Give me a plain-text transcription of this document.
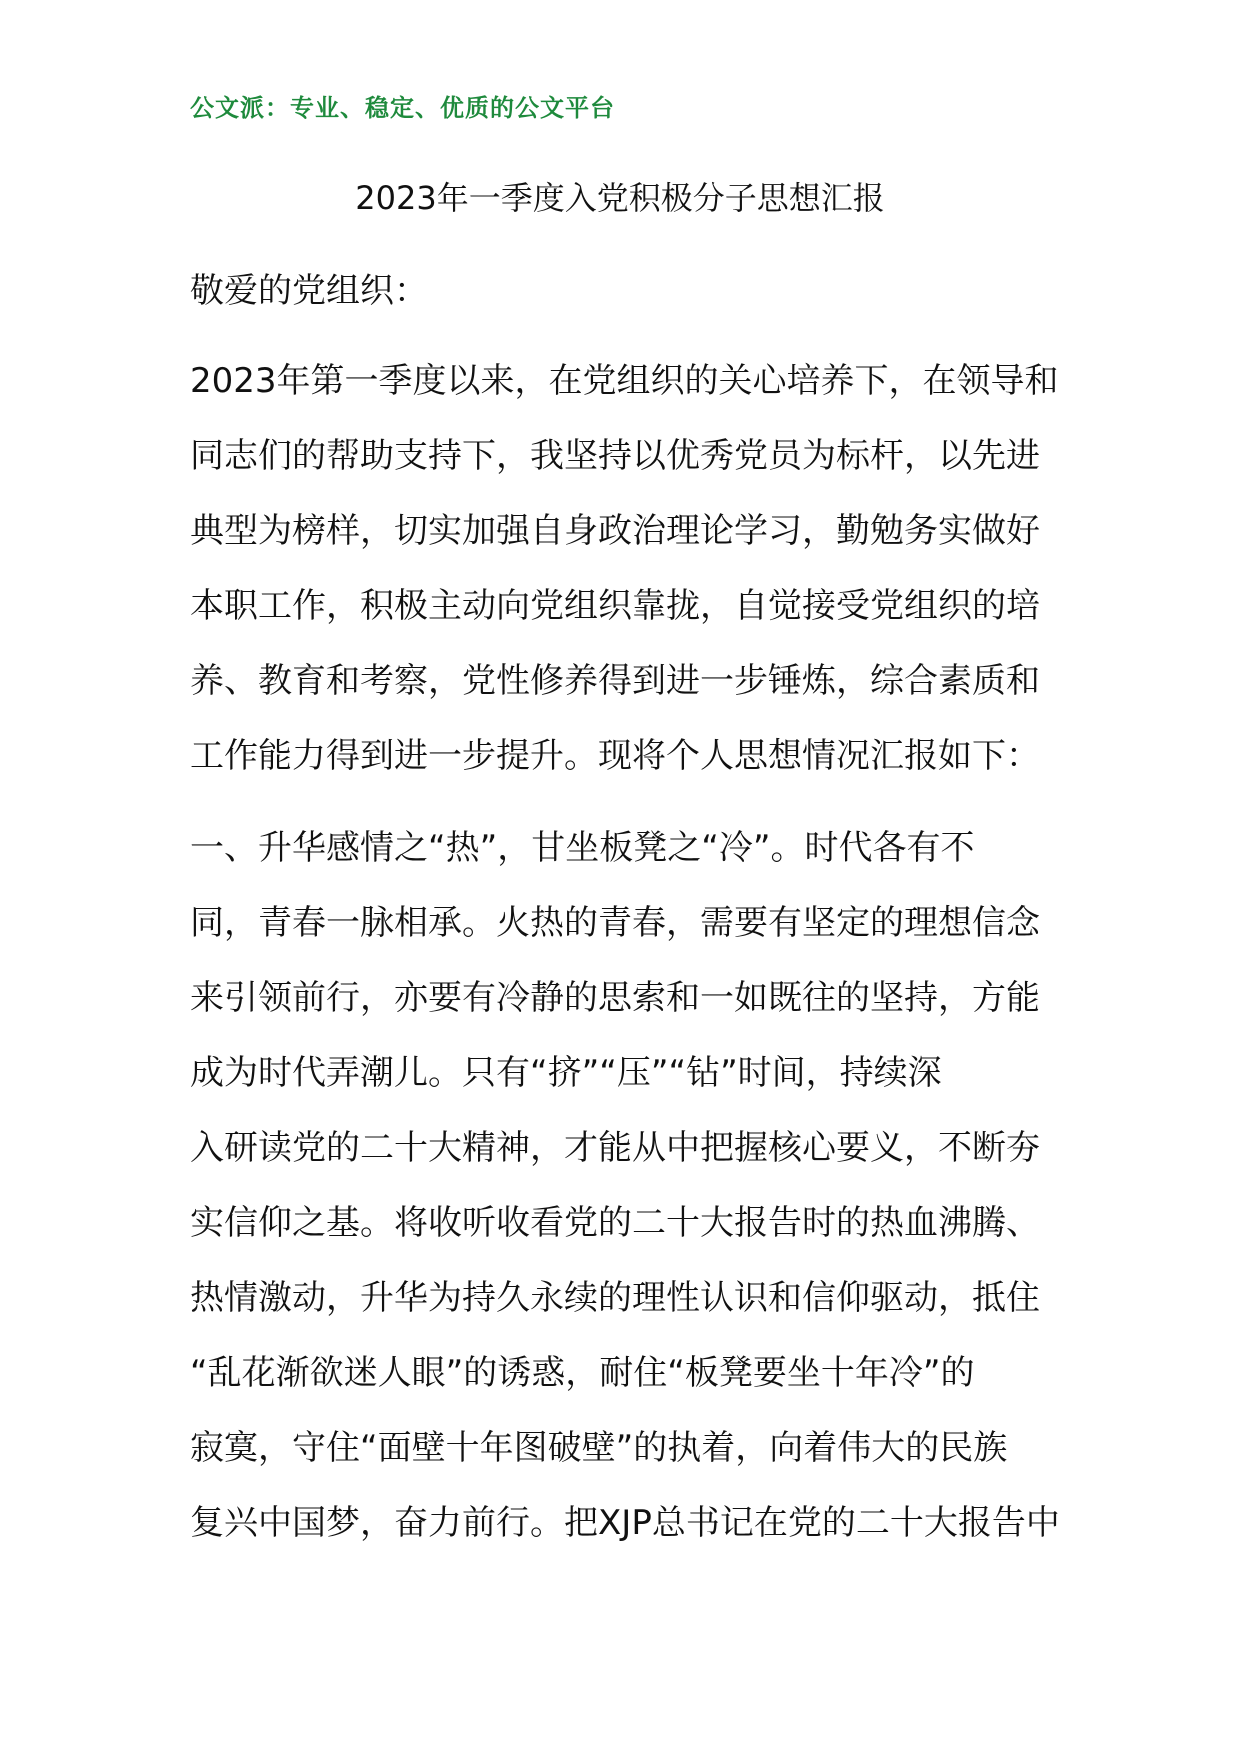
公文派：专业、稳定、优质的公文平台
2023年一季度入党积极分子思想汇报
敬爱的党组织：
2023年第一季度以来，在党组织的关心培养下，在领导和
同志们的帮助支持下，我坚持以优秀党员为标杆，以先进
典型为榜样，切实加强自身政治理论学习，勤勉务实做好
本职工作，积极主动向党组织靠拢，自觉接受党组织的培
养、教育和考察，党性修养得到进一步锤炼，综合素质和
工作能力得到进一步提升。现将个人思想情况汇报如下：
一、升华感情之“热”，甘坐板凳之“冷”。时代各有不
同，青春一脉相承。火热的青春，需要有坚定的理想信念
来引领前行，亦要有冷静的思索和一如既往的坚持，方能
成为时代弄潮儿。只有“挤”“压”“钻”时间，持续深
入研读党的二十大精神，才能从中把握核心要义，不断夯
实信仰之基。将收听收看党的二十大报告时的热血沸腾、
热情激动，升华为持久永续的理性认识和信仰驱动，抵住
“乱花渐欲迷人眼”的诱惑，耐住“板凳要坐十年冷”的
寂寞，守住“面壁十年图破壁”的执着，向着伟大的民族
复兴中国梦，奋力前行。把XJP总书记在党的二十大报告中
